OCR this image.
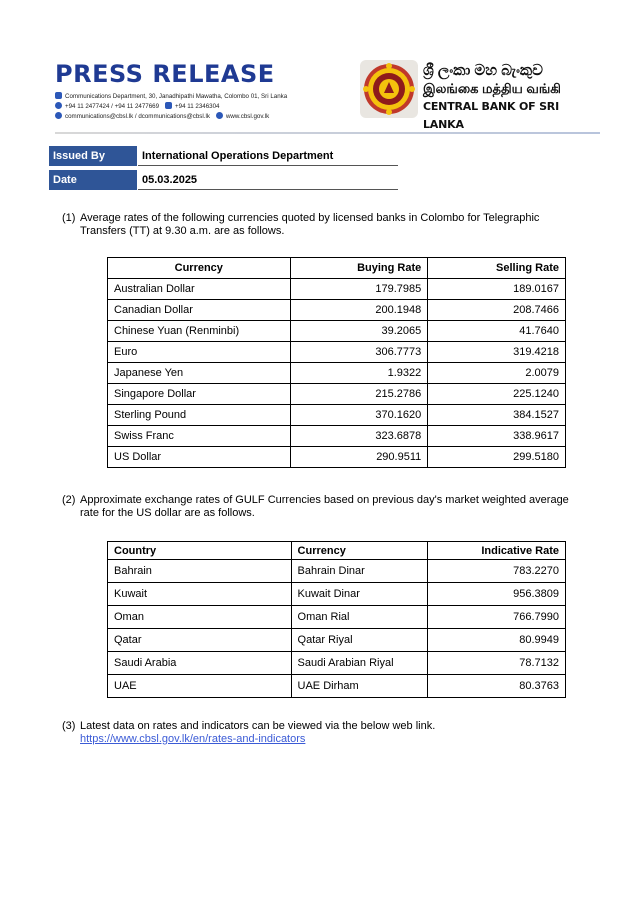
PRESS RELEASE
Communications Department, 30, Janadhipathi Mawatha, Colombo 01, Sri Lanka
+94 11 2477424 / +94 11 2477669	+94 11 2346304
communications@cbsl.lk / dcommunications@cbsl.lk	www.cbsl.gov.lk
ශ්‍රී ලංකා මහ බැංකුව
இலங்கை மத்திய வங்கி
CENTRAL BANK OF SRI LANKA
Issued By	International Operations Department
Date	05.03.2025
(1) Average rates of the following currencies quoted by licensed banks in Colombo for Telegraphic
Transfers (TT) at 9.30 a.m. are as follows.
Currency	Buying Rate	Selling Rate
Australian Dollar	179.7985	189.0167
Canadian Dollar	200.1948	208.7466
Chinese Yuan (Renminbi)	39.2065	41.7640
Euro	306.7773	319.4218
Japanese Yen	1.9322	2.0079
Singapore Dollar	215.2786	225.1240
Sterling Pound	370.1620	384.1527
Swiss Franc	323.6878	338.9617
US Dollar	290.9511	299.5180
(2) Approximate exchange rates of GULF Currencies based on previous day's market weighted average
rate for the US dollar are as follows.
Country	Currency	Indicative Rate
Bahrain	Bahrain Dinar	783.2270
Kuwait	Kuwait Dinar	956.3809
Oman	Oman Rial	766.7990
Qatar	Qatar Riyal	80.9949
Saudi Arabia	Saudi Arabian Riyal	78.7132
UAE	UAE Dirham	80.3763
(3) Latest data on rates and indicators can be viewed via the below web link.
https://www.cbsl.gov.lk/en/rates-and-indicators
